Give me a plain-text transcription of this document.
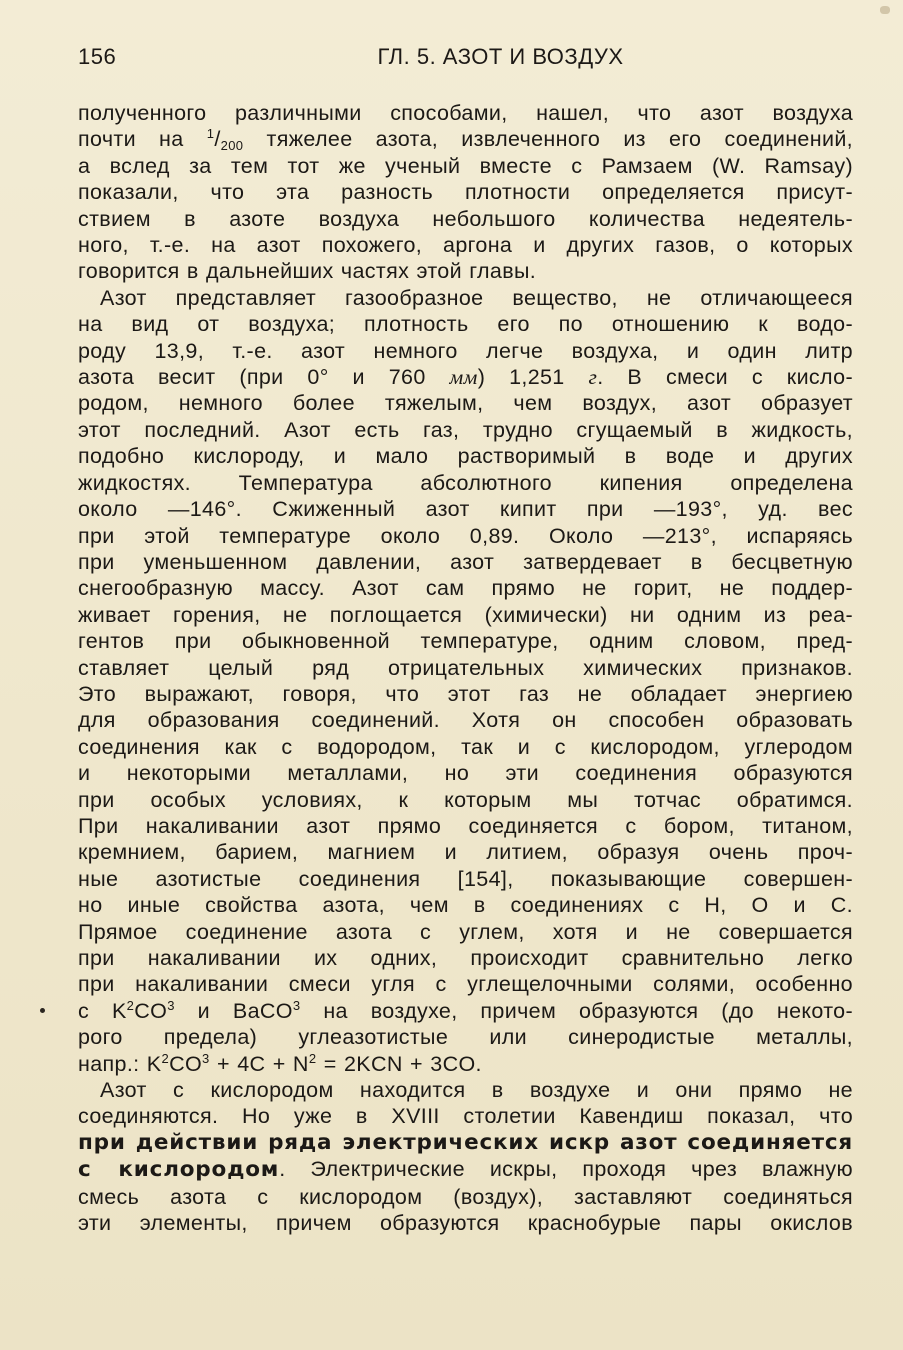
156	ГЛ. 5. АЗОТ И ВОЗДУХ
полученного различными способами, нашел, что азот воздуха
почти на $^1/_{200}$ тяжелее азота, извлеченного из его соединений,
а вслед за тем тот же ученый вместе с Рамзаем (W. Ramsay)
показали, что эта разность плотности определяется присут-
ствием в азоте воздуха небольшого количества недеятель-
ного, т.-е. на азот похожего, аргона и других газов, о которых
говорится в дальнейших частях этой главы.
Азот представляет газообразное вещество, не отличающееся
на вид от воздуха; плотность его по отношению к водо-
роду 13,9, т.-е. азот немного легче воздуха, и один литр
азота весит (при 0° и 760 мм) 1,251 г. В смеси с кисло-
родом, немного более тяжелым, чем воздух, азот образует
этот последний. Азот есть газ, трудно сгущаемый в жидкость,
подобно кислороду, и мало растворимый в воде и других
жидкостях. Температура абсолютного кипения определена
около —146°. Сжиженный азот кипит при —193°, уд. вес
при этой температуре около 0,89. Около —213°, испаряясь
при уменьшенном давлении, азот затвердевает в бесцветную
снегообразную массу. Азот сам прямо не горит, не поддер-
живает горения, не поглощается (химически) ни одним из реа-
гентов при обыкновенной температуре, одним словом, пред-
ставляет целый ряд отрицательных химических признаков.
Это выражают, говоря, что этот газ не обладает энергиею
для образования соединений. Хотя он способен образовать
соединения как с водородом, так и с кислородом, углеродом
и некоторыми металлами, но эти соединения образуются
при особых условиях, к которым мы тотчас обратимся.
При накаливании азот прямо соединяется с бором, титаном,
кремнием, барием, магнием и литием, образуя очень проч-
ные азотистые соединения [154], показывающие совершен-
но иные свойства азота, чем в соединениях с Н, О и С.
Прямое соединение азота с углем, хотя и не совершается
при накаливании их одних, происходит сравнительно легко
при накаливании смеси угля с углещелочными солями, особенно
с $K^2CO^3$ и BaCO$^3$ на воздухе, причем образуются (до некото-
рого предела) углеазотистые или синеродистые металлы,
напр.: $K^2CO^3 + 4C + N^2 = 2KCN + 3CO$.
Азот с кислородом находится в воздухе и они прямо не
соединяются. Но уже в XVIII столетии Кавендиш показал, что
при действии ряда электрических искр азот соединяется
с кислородом. Электрические искры, проходя чрез влажную
смесь азота с кислородом (воздух), заставляют соединяться
эти элементы, причем образуются краснобурые пары окислов
